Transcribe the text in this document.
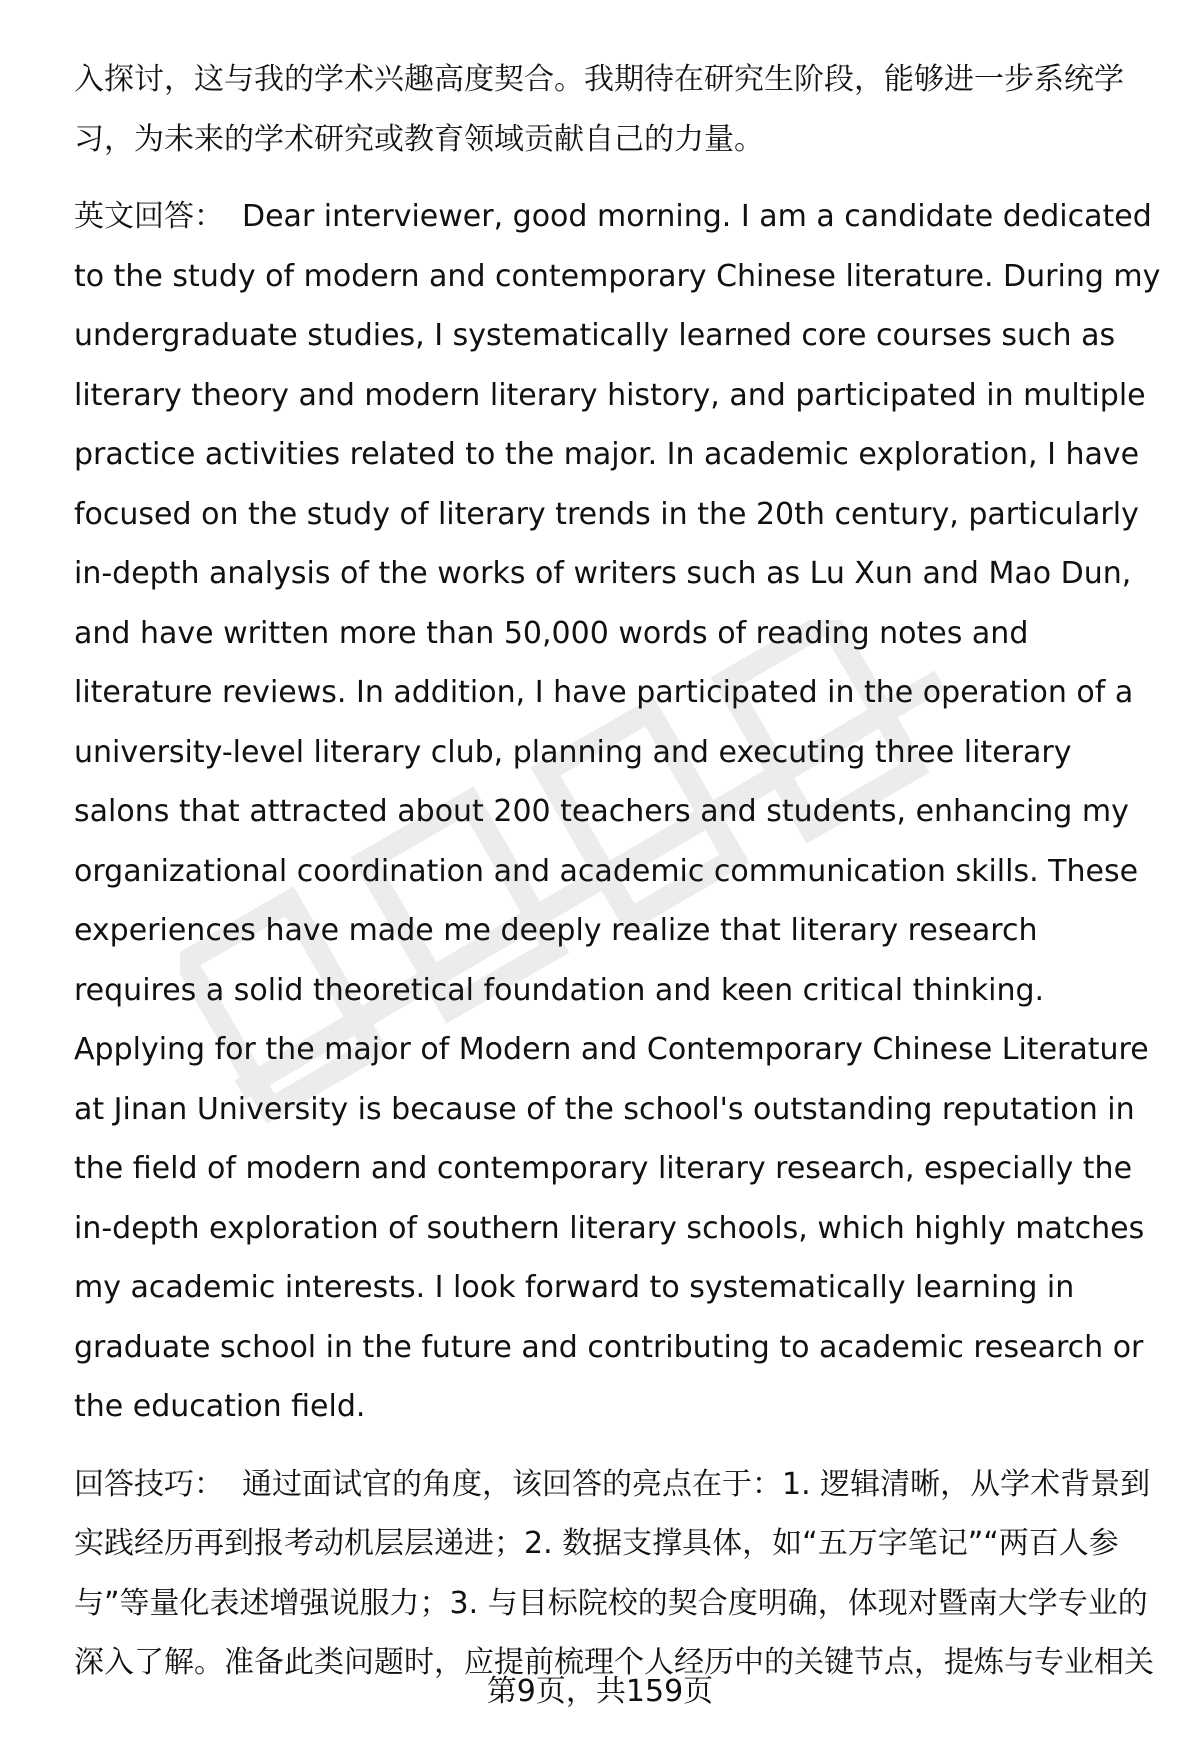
入探讨，这与我的学术兴趣高度契合。我期待在研究生阶段，能够进一步系统学习，为未来的学术研究或教育领域贡献自己的力量。

英文回答： Dear interviewer, good morning. I am a candidate dedicated to the study of modern and contemporary Chinese literature. During my undergraduate studies, I systematically learned core courses such as literary theory and modern literary history, and participated in multiple practice activities related to the major. In academic exploration, I have focused on the study of literary trends in the 20th century, particularly in-depth analysis of the works of writers such as Lu Xun and Mao Dun, and have written more than 50,000 words of reading notes and literature reviews. In addition, I have participated in the operation of a university-level literary club, planning and executing three literary salons that attracted about 200 teachers and students, enhancing my organizational coordination and academic communication skills. These experiences have made me deeply realize that literary research requires a solid theoretical foundation and keen critical thinking. Applying for the major of Modern and Contemporary Chinese Literature at Jinan University is because of the school's outstanding reputation in the field of modern and contemporary literary research, especially the in-depth exploration of southern literary schools, which highly matches my academic interests. I look forward to systematically learning in graduate school in the future and contributing to academic research or the education field.

回答技巧： 通过面试官的角度，该回答的亮点在于：1. 逻辑清晰，从学术背景到实践经历再到报考动机层层递进；2. 数据支撑具体，如“五万字笔记”“两百人参与”等量化表述增强说服力；3. 与目标院校的契合度明确，体现对暨南大学专业的深入了解。准备此类问题时，应提前梳理个人经历中的关键节点，提炼与专业相关

第9页，共159页
